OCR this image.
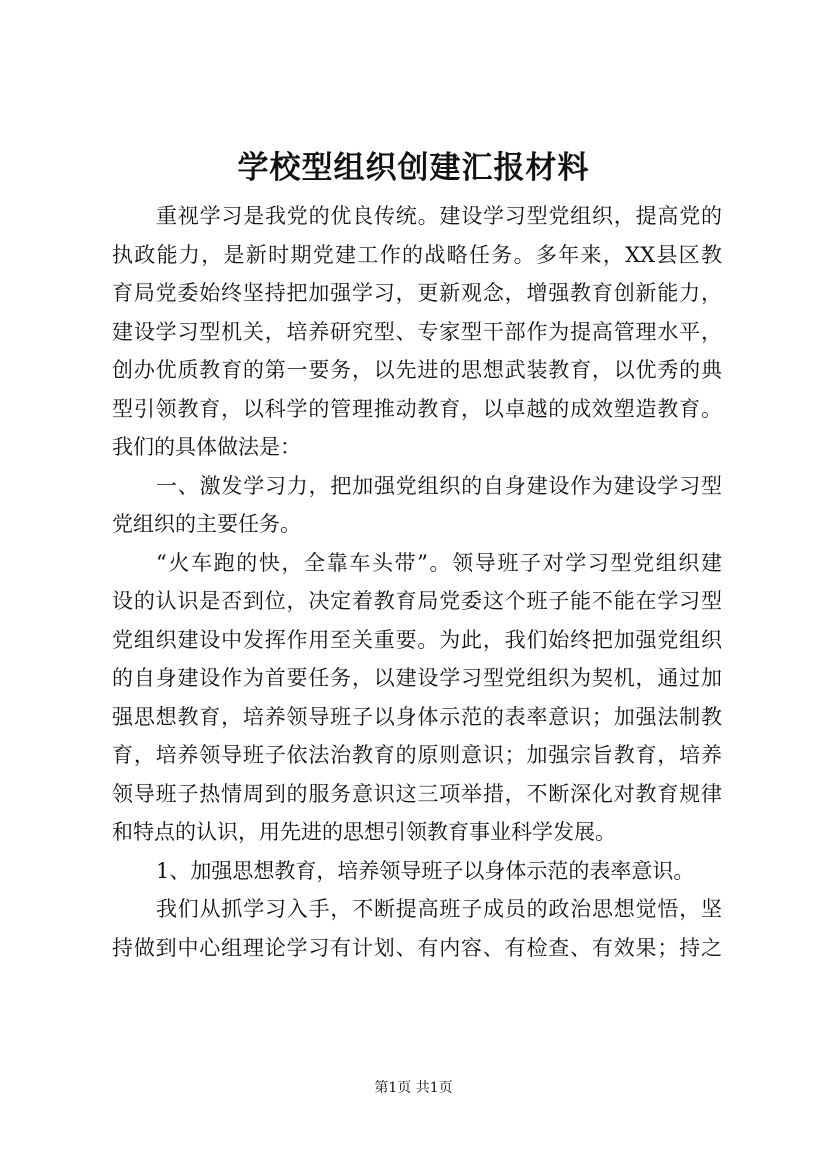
学校型组织创建汇报材料
重视学习是我党的优良传统。建设学习型党组织，提高党的
执政能力，是新时期党建工作的战略任务。多年来，XX县区教
育局党委始终坚持把加强学习，更新观念，增强教育创新能力，
建设学习型机关，培养研究型、专家型干部作为提高管理水平，
创办优质教育的第一要务，以先进的思想武装教育，以优秀的典
型引领教育，以科学的管理推动教育，以卓越的成效塑造教育。
我们的具体做法是：
一、激发学习力，把加强党组织的自身建设作为建设学习型
党组织的主要任务。
“火车跑的快，全靠车头带”。领导班子对学习型党组织建
设的认识是否到位，决定着教育局党委这个班子能不能在学习型
党组织建设中发挥作用至关重要。为此，我们始终把加强党组织
的自身建设作为首要任务，以建设学习型党组织为契机，通过加
强思想教育，培养领导班子以身体示范的表率意识；加强法制教
育，培养领导班子依法治教育的原则意识；加强宗旨教育，培养
领导班子热情周到的服务意识这三项举措，不断深化对教育规律
和特点的认识，用先进的思想引领教育事业科学发展。
1、加强思想教育，培养领导班子以身体示范的表率意识。
我们从抓学习入手，不断提高班子成员的政治思想觉悟，坚
持做到中心组理论学习有计划、有内容、有检查、有效果；持之
第1页 共1页
